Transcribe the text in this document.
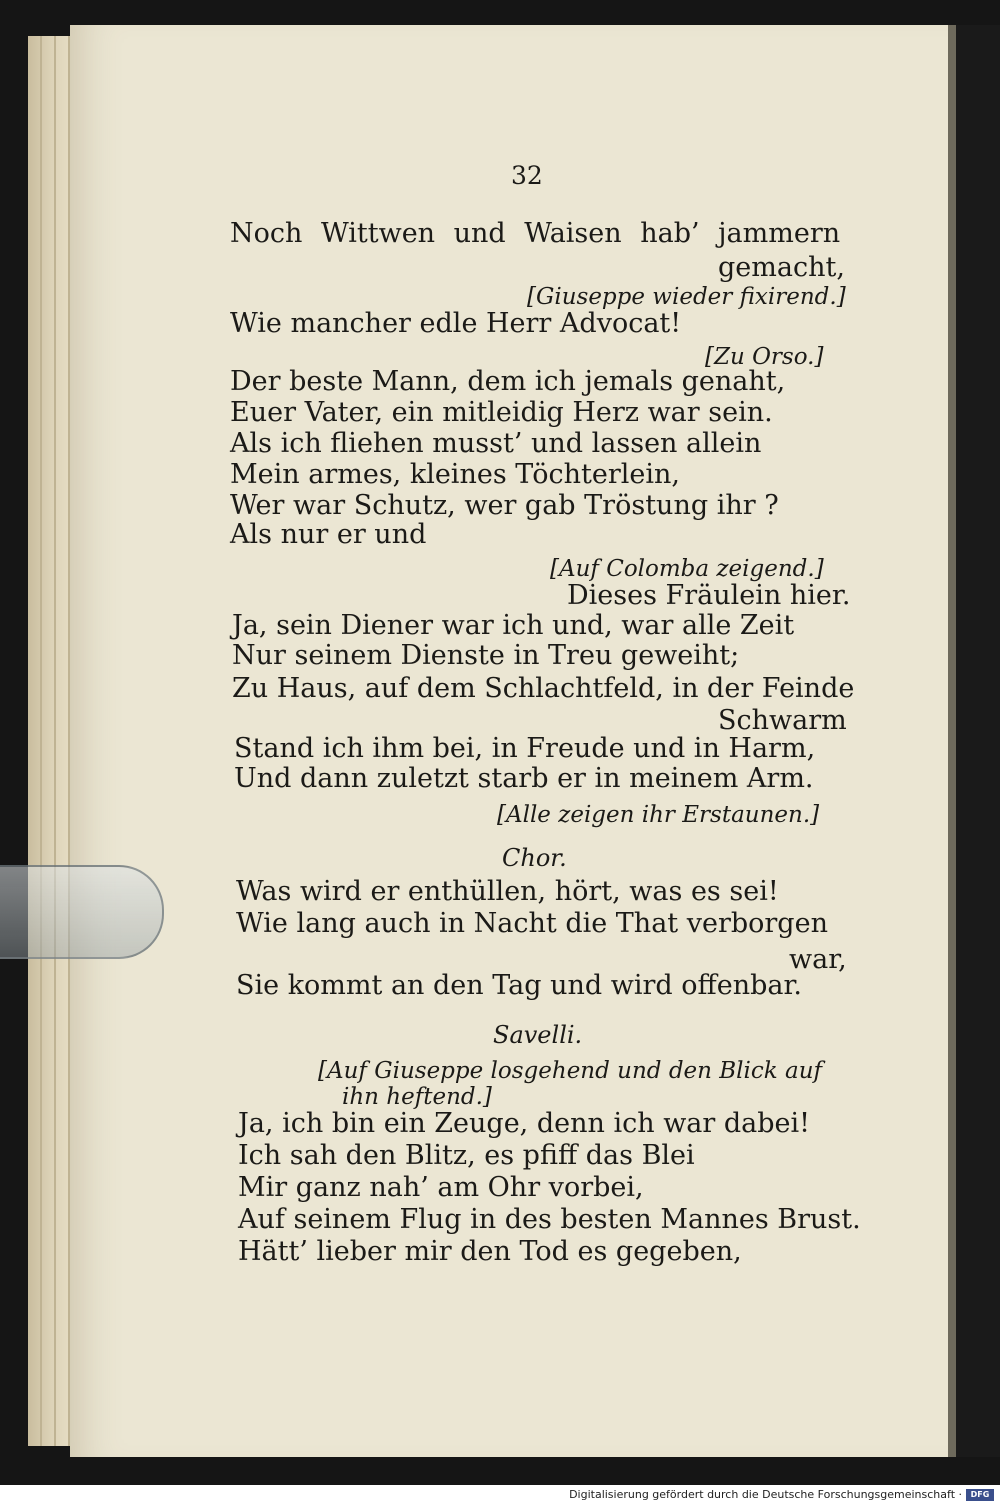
32
Noch Wittwen und Waisen hab’ jammern
gemacht,
[Giuseppe wieder fixirend.]
Wie mancher edle Herr Advocat!
[Zu Orso.]
Der beste Mann, dem ich jemals genaht,
Euer Vater, ein mitleidig Herz war sein.
Als ich fliehen musst’ und lassen allein
Mein armes, kleines Töchterlein,
Wer war Schutz, wer gab Tröstung ihr ?
Als nur er und
[Auf Colomba zeigend.]
Dieses Fräulein hier.
Ja, sein Diener war ich und, war alle Zeit
Nur seinem Dienste in Treu geweiht;
Zu Haus, auf dem Schlachtfeld, in der Feinde
Schwarm
Stand ich ihm bei, in Freude und in Harm,
Und dann zuletzt starb er in meinem Arm.
[Alle zeigen ihr Erstaunen.]
Chor.
Was wird er enthüllen, hört, was es sei!
Wie lang auch in Nacht die That verborgen
war,
Sie kommt an den Tag und wird offenbar.
Savelli.
[Auf Giuseppe losgehend und den Blick auf
ihn heftend.]
Ja, ich bin ein Zeuge, denn ich war dabei!
Ich sah den Blitz, es pfiff das Blei
Mir ganz nah’ am Ohr vorbei,
Auf seinem Flug in des besten Mannes Brust.
Hätt’ lieber mir den Tod es gegeben,
Digitalisierung gefördert durch die Deutsche Forschungsgemeinschaft ·	DFG
